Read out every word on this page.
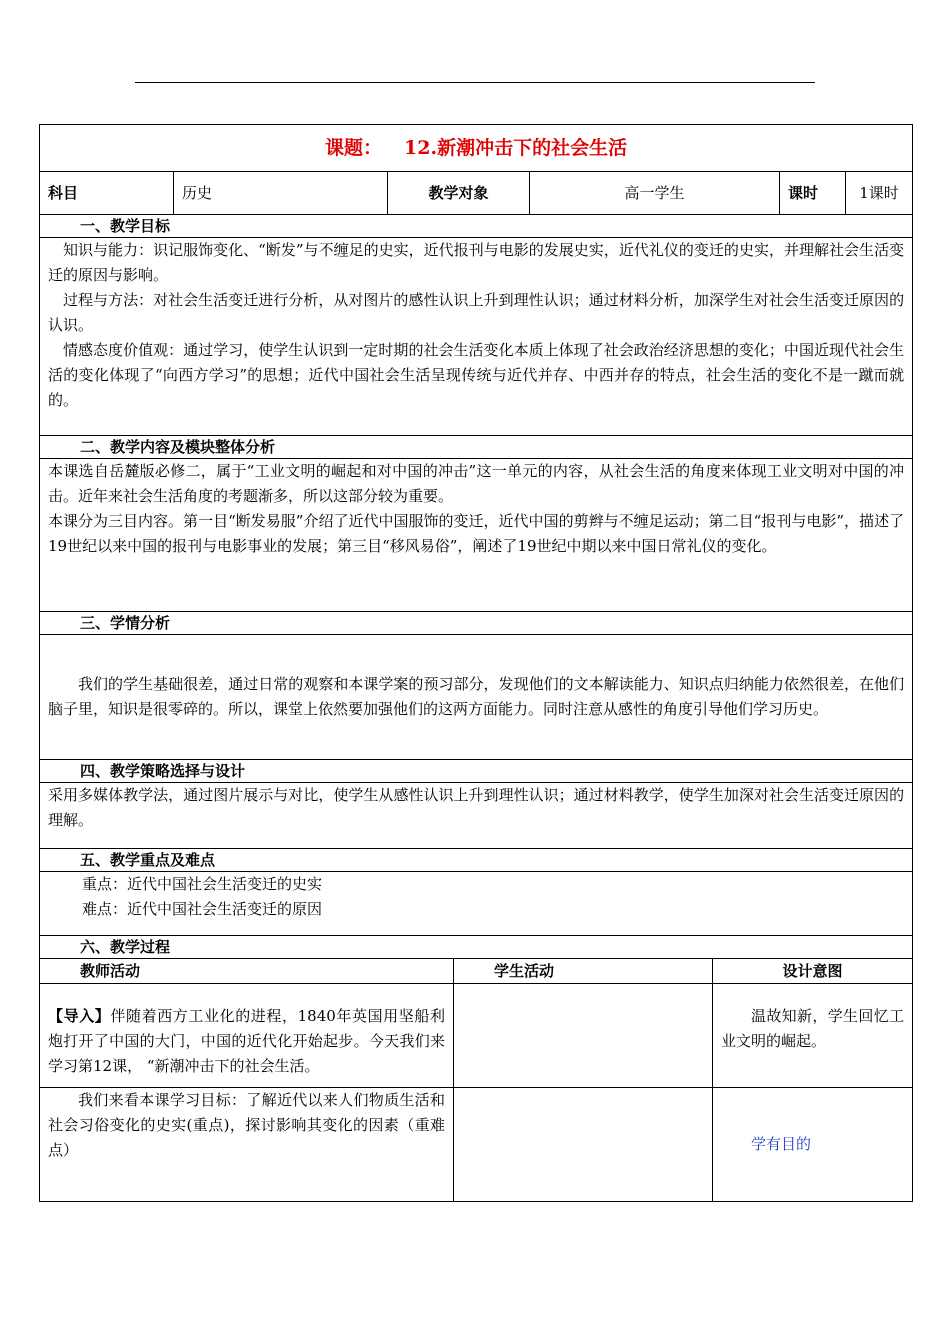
课题： 12.新潮冲击下的社会生活							
科目	历史	教学对象		高一学生		课时	1课时
一、教学目标							

知识与能力：识记服饰变化、“断发”与不缠足的史实，近代报刊与电影的发展史实，近代礼仪的变迁的史实，并理解社会生活变迁的原因与影响。

过程与方法：对社会生活变迁进行分析，从对图片的感性认识上升到理性认识；通过材料分析，加深学生对社会生活变迁原因的认识。

情感态度价值观：通过学习，使学生认识到一定时期的社会生活变化本质上体现了社会政治经济思想的变化；中国近现代社会生活的变化体现了“向西方学习”的思想；近代中国社会生活呈现传统与近代并存、中西并存的特点，社会生活的变化不是一蹴而就的。							

二、教学内容及模块整体分析							

本课选自岳麓版必修二，属于“工业文明的崛起和对中国的冲击”这一单元的内容，从社会生活的角度来体现工业文明对中国的冲击。近年来社会生活角度的考题渐多，所以这部分较为重要。

本课分为三目内容。第一目“断发易服”介绍了近代中国服饰的变迁，近代中国的剪辫与不缠足运动；第二目“报刊与电影”，描述了19世纪以来中国的报刊与电影事业的发展；第三目“移风易俗”，阐述了19世纪中期以来中国日常礼仪的变化。							

三、学情分析							

我们的学生基础很差，通过日常的观察和本课学案的预习部分，发现他们的文本解读能力、知识点归纳能力依然很差，在他们脑子里，知识是很零碎的。所以，课堂上依然要加强他们的这两方面能力。同时注意从感性的角度引导他们学习历史。							

四、教学策略选择与设计							

采用多媒体教学法，通过图片展示与对比，使学生从感性认识上升到理性认识；通过材料教学，使学生加深对社会生活变迁原因的理解。							

五、教学重点及难点							

重点：近代中国社会生活变迁的史实

难点：近代中国社会生活变迁的原因							

六、教学过程							
教师活动			学生活动		设计意图		

【导入】伴随着西方工业化的进程，1840年英国用坚船利炮打开了中国的大门，中国的近代化开始起步。今天我们来学习第12课， “新潮冲击下的社会生活。					温故知新，学生回忆工业文明的崛起。		

我们来看本课学习目标：了解近代以来人们物质生活和社会习俗变化的史实(重点)，探讨影响其变化的因素（重难点）					学有目的		
